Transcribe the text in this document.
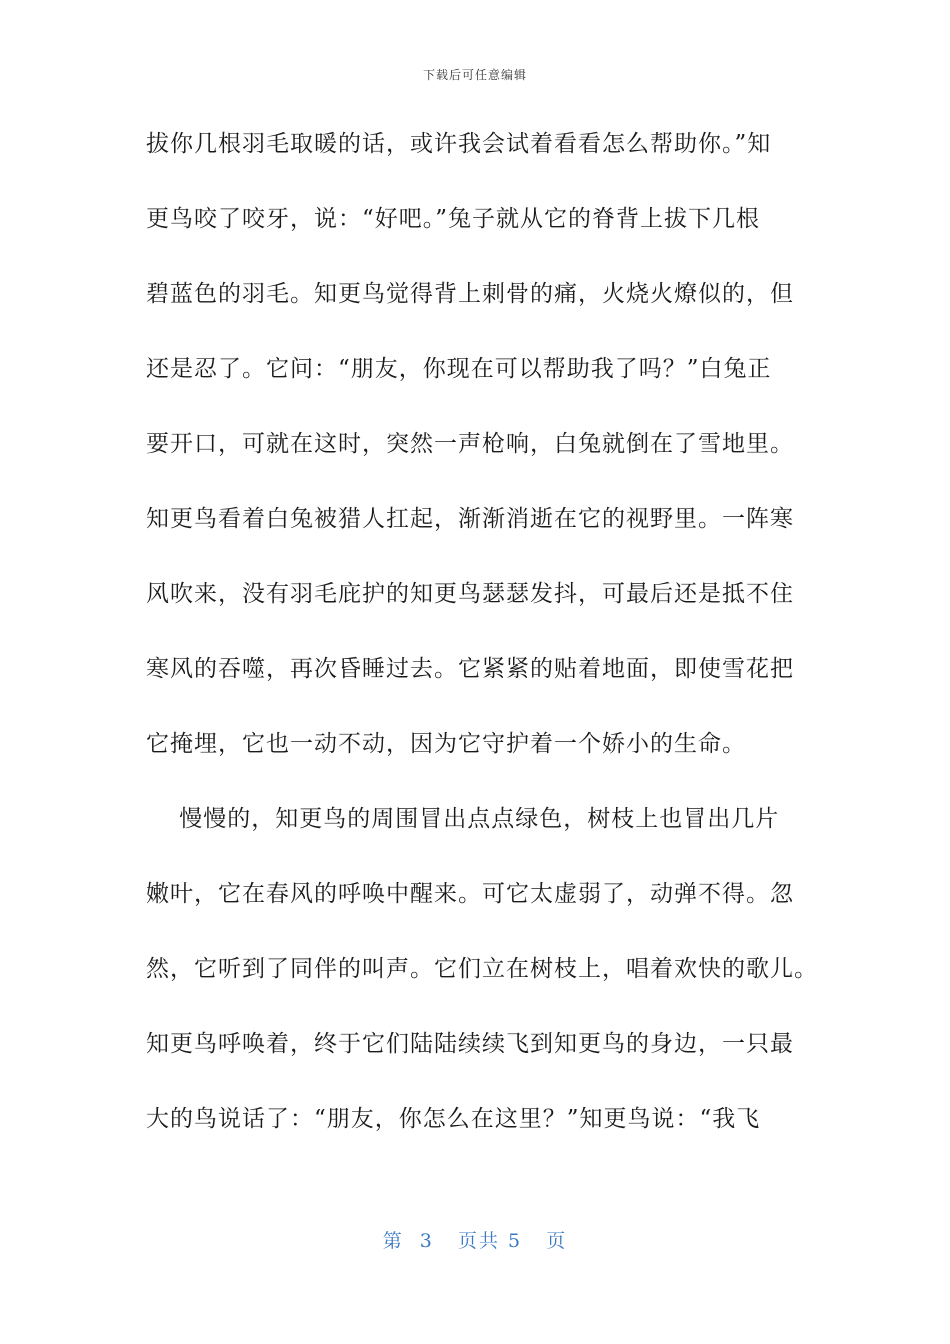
下载后可任意编辑
拔你几根羽毛取暖的话，或许我会试着看看怎么帮助你。”知
更鸟咬了咬牙，说：“好吧。”兔子就从它的脊背上拔下几根
碧蓝色的羽毛。知更鸟觉得背上刺骨的痛，火烧火燎似的，但
还是忍了。它问：“朋友，你现在可以帮助我了吗？”白兔正
要开口，可就在这时，突然一声枪响，白兔就倒在了雪地里。
知更鸟看着白兔被猎人扛起，渐渐消逝在它的视野里。一阵寒
风吹来，没有羽毛庇护的知更鸟瑟瑟发抖，可最后还是抵不住
寒风的吞噬，再次昏睡过去。它紧紧的贴着地面，即使雪花把
它掩埋，它也一动不动，因为它守护着一个娇小的生命。
慢慢的，知更鸟的周围冒出点点绿色，树枝上也冒出几片
嫩叶，它在春风的呼唤中醒来。可它太虚弱了，动弹不得。忽
然，它听到了同伴的叫声。它们立在树枝上，唱着欢快的歌儿。
知更鸟呼唤着，终于它们陆陆续续飞到知更鸟的身边，一只最
大的鸟说话了：“朋友，你怎么在这里？”知更鸟说：“我飞
第  3   页共 5   页
